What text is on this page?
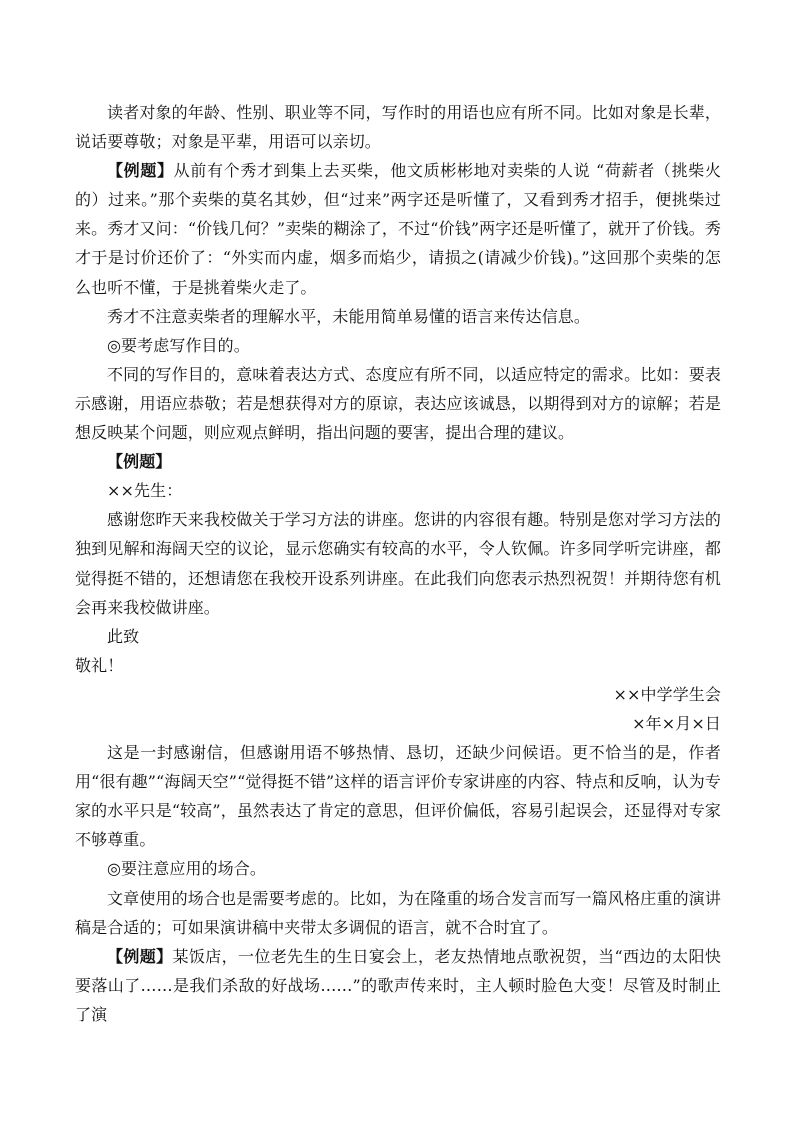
读者对象的年龄、性别、职业等不同，写作时的用语也应有所不同。比如对象是长辈，说话要尊敬；对象是平辈，用语可以亲切。

【例题】从前有个秀才到集上去买柴，他文质彬彬地对卖柴的人说 “荷薪者（挑柴火的）过来。”那个卖柴的莫名其妙，但“过来”两字还是听懂了，又看到秀才招手，便挑柴过来。秀才又问：“价钱几何？”卖柴的糊涂了，不过“价钱”两字还是听懂了，就开了价钱。秀才于是讨价还价了：“外实而内虚，烟多而焰少，请损之(请减少价钱)。”这回那个卖柴的怎么也听不懂，于是挑着柴火走了。

秀才不注意卖柴者的理解水平，未能用简单易懂的语言来传达信息。

◎要考虑写作目的。

不同的写作目的，意味着表达方式、态度应有所不同，以适应特定的需求。比如：要表示感谢，用语应恭敬；若是想获得对方的原谅，表达应该诚恳，以期得到对方的谅解；若是想反映某个问题，则应观点鲜明，指出问题的要害，提出合理的建议。

【例题】

××先生：

感谢您昨天来我校做关于学习方法的讲座。您讲的内容很有趣。特别是您对学习方法的独到见解和海阔天空的议论，显示您确实有较高的水平，令人钦佩。许多同学听完讲座，都觉得挺不错的，还想请您在我校开设系列讲座。在此我们向您表示热烈祝贺！并期待您有机会再来我校做讲座。

此致

敬礼！

××中学学生会

×年×月×日

这是一封感谢信，但感谢用语不够热情、恳切，还缺少问候语。更不恰当的是，作者用“很有趣”“海阔天空”“觉得挺不错”这样的语言评价专家讲座的内容、特点和反响，认为专家的水平只是“较高”，虽然表达了肯定的意思，但评价偏低，容易引起误会，还显得对专家不够尊重。

◎要注意应用的场合。

文章使用的场合也是需要考虑的。比如，为在隆重的场合发言而写一篇风格庄重的演讲稿是合适的；可如果演讲稿中夹带太多调侃的语言，就不合时宜了。

【例题】某饭店，一位老先生的生日宴会上，老友热情地点歌祝贺，当“西边的太阳快要落山了……是我们杀敌的好战场……”的歌声传来时，主人顿时脸色大变！尽管及时制止了演
